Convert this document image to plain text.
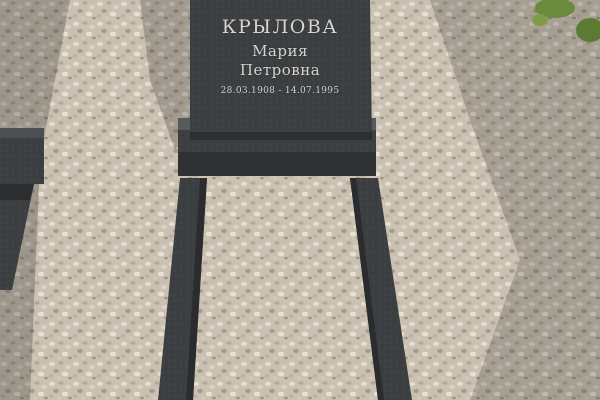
КРЫЛОВА
Мария
Петровна
28.03.1908 - 14.07.1995
